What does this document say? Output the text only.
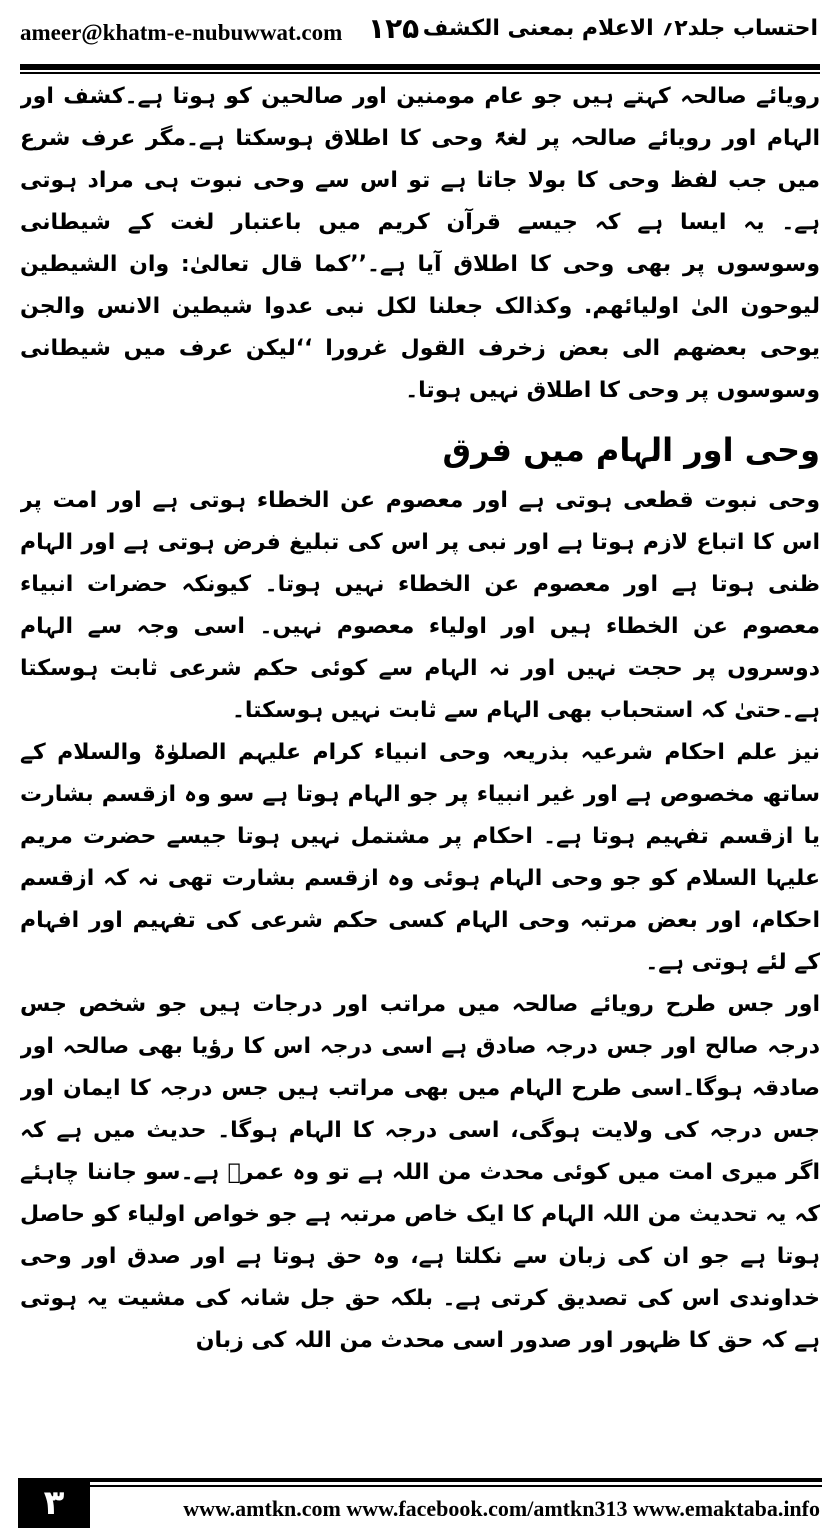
ameer@khatm-e-nubuwwat.com ۱۲۵ احتساب جلد۲؍ الاعلام بمعنی الکشف

رویائے صالحہ کہتے ہیں جو عام مومنین اور صالحین کو ہوتا ہے۔کشف اور الہام اور رویائے صالحہ پر لغۃً وحی کا اطلاق ہوسکتا ہے۔مگر عرف شرع میں جب لفظ وحی کا بولا جاتا ہے تو اس سے وحی نبوت ہی مراد ہوتی ہے۔ یہ ایسا ہے کہ جیسے قرآن کریم میں باعتبار لغت کے شیطانی وسوسوں پر بھی وحی کا اطلاق آیا ہے۔’’کما قال تعالیٰ: وان الشیطین لیوحون الیٰ اولیائھم. وکذالک جعلنا لکل نبی عدوا شیطین الانس والجن یوحی بعضھم الی بعض زخرف القول غرورا ‘‘لیکن عرف میں شیطانی وسوسوں پر وحی کا اطلاق نہیں ہوتا۔

وحی اور الہام میں فرق

وحی نبوت قطعی ہوتی ہے اور معصوم عن الخطاء ہوتی ہے اور امت پر اس کا اتباع لازم ہوتا ہے اور نبی پر اس کی تبلیغ فرض ہوتی ہے اور الہام ظنی ہوتا ہے اور معصوم عن الخطاء نہیں ہوتا۔ کیونکہ حضرات انبیاء معصوم عن الخطاء ہیں اور اولیاء معصوم نہیں۔ اسی وجہ سے الہام دوسروں پر حجت نہیں اور نہ الہام سے کوئی حکم شرعی ثابت ہوسکتا ہے۔حتیٰ کہ استحباب بھی الہام سے ثابت نہیں ہوسکتا۔

نیز علم احکام شرعیہ بذریعہ وحی انبیاء کرام علیہم الصلوٰۃ والسلام کے ساتھ مخصوص ہے اور غیر انبیاء پر جو الہام ہوتا ہے سو وہ ازقسم بشارت یا ازقسم تفہیم ہوتا ہے۔ احکام پر مشتمل نہیں ہوتا جیسے حضرت مریم علیہا السلام کو جو وحی الہام ہوئی وہ ازقسم بشارت تھی نہ کہ ازقسم احکام، اور بعض مرتبہ وحی الہام کسی حکم شرعی کی تفہیم اور افہام کے لئے ہوتی ہے۔

اور جس طرح رویائے صالحہ میں مراتب اور درجات ہیں جو شخص جس درجہ صالح اور جس درجہ صادق ہے اسی درجہ اس کا رؤیا بھی صالحہ اور صادقہ ہوگا۔اسی طرح الہام میں بھی مراتب ہیں جس درجہ کا ایمان اور جس درجہ کی ولایت ہوگی، اسی درجہ کا الہام ہوگا۔ حدیث میں ہے کہ اگر میری امت میں کوئی محدث من اللہ ہے تو وہ عمرؓ ہے۔سو جاننا چاہئے کہ یہ تحدیث من اللہ الہام کا ایک خاص مرتبہ ہے جو خواص اولیاء کو حاصل ہوتا ہے جو ان کی زبان سے نکلتا ہے، وہ حق ہوتا ہے اور صدق اور وحی خداوندی اس کی تصدیق کرتی ہے۔ بلکہ حق جل شانہ کی مشیت یہ ہوتی ہے کہ حق کا ظہور اور صدور اسی محدث من اللہ کی زبان

۳	www.amtkn.com www.facebook.com/amtkn313 www.emaktaba.info
